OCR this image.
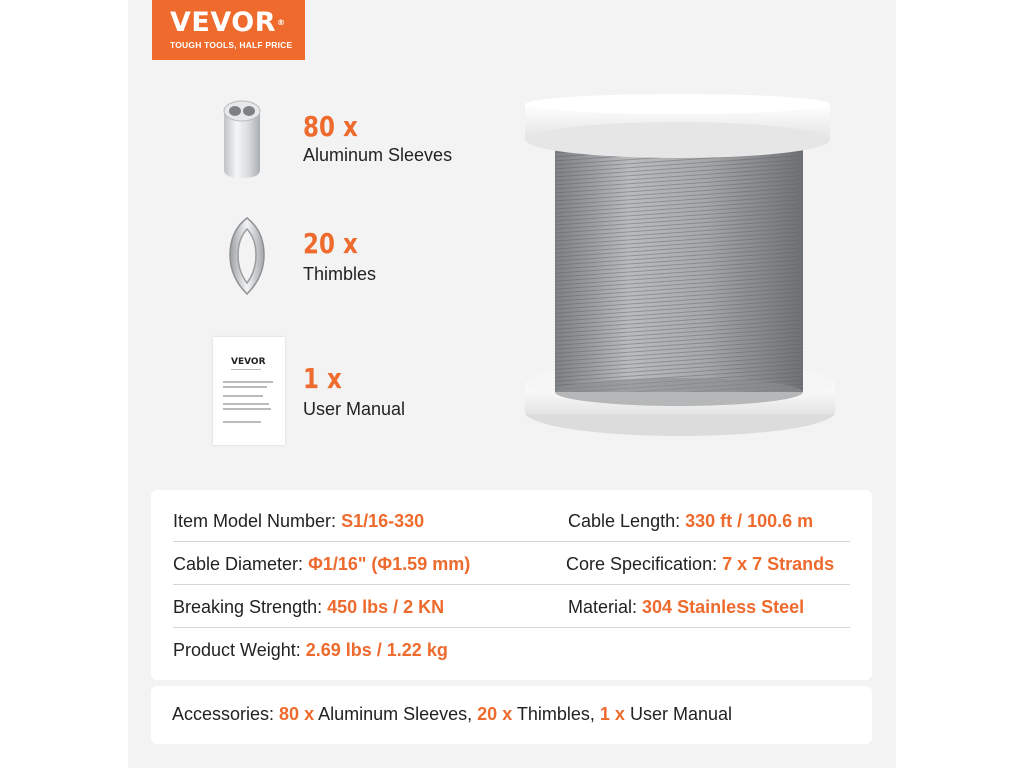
VEVOR®
TOUGH TOOLS, HALF PRICE
80 x
Aluminum Sleeves
20 x
Thimbles
VEVOR 1 x
User Manual
Item Model Number: S1/16-330	Cable Length: 330 ft / 100.6 m
Cable Diameter: Φ1/16" (Φ1.59 mm)	Core Specification: 7 x 7 Strands
Breaking Strength: 450 lbs / 2 KN	Material: 304 Stainless Steel
Product Weight: 2.69 lbs / 1.22 kg
Accessories: 80 x Aluminum Sleeves, 20 x Thimbles, 1 x User Manual
